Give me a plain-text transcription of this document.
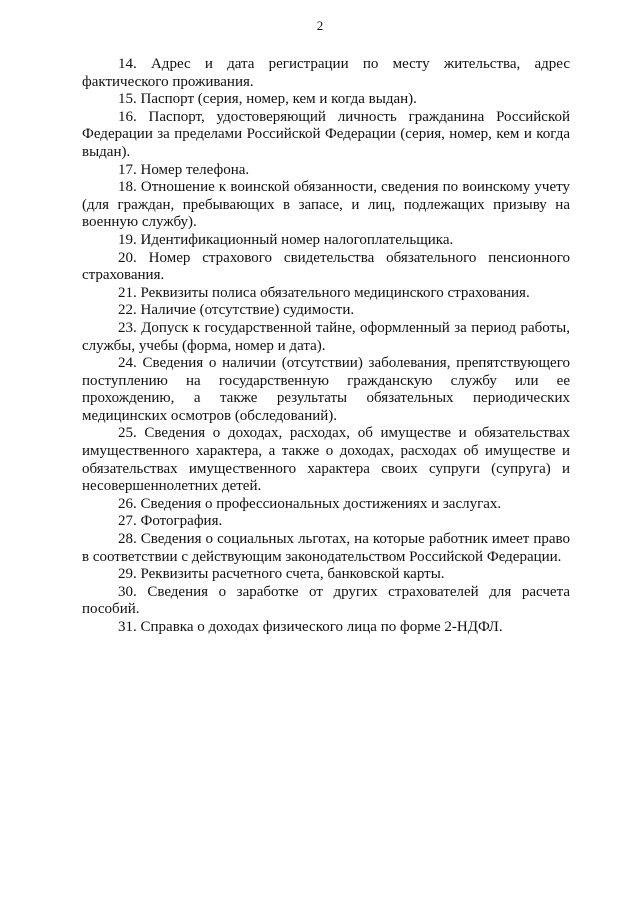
2

14. Адрес и дата регистрации по месту жительства, адрес фактического проживания.

15. Паспорт (серия, номер, кем и когда выдан).

16. Паспорт, удостоверяющий личность гражданина Российской Федерации за пределами Российской Федерации (серия, номер, кем и когда выдан).

17. Номер телефона.

18. Отношение к воинской обязанности, сведения по воинскому учету (для граждан, пребывающих в запасе, и лиц, подлежащих призыву на военную службу).

19. Идентификационный номер налогоплательщика.

20. Номер страхового свидетельства обязательного пенсионного страхования.

21. Реквизиты полиса обязательного медицинского страхования.

22. Наличие (отсутствие) судимости.

23. Допуск к государственной тайне, оформленный за период работы, службы, учебы (форма, номер и дата).

24. Сведения о наличии (отсутствии) заболевания, препятствующего поступлению на государственную гражданскую службу или ее прохождению, а также результаты обязательных периодических медицинских осмотров (обследований).

25. Сведения о доходах, расходах, об имуществе и обязательствах имущественного характера, а также о доходах, расходах об имуществе и обязательствах имущественного характера своих супруги (супруга) и несовершеннолетних детей.

26. Сведения о профессиональных достижениях и заслугах.

27. Фотография.

28. Сведения о социальных льготах, на которые работник имеет право в соответствии с действующим законодательством Российской Федерации.

29. Реквизиты расчетного счета, банковской карты.

30. Сведения о заработке от других страхователей для расчета пособий.

31. Справка о доходах физического лица по форме 2-НДФЛ.
